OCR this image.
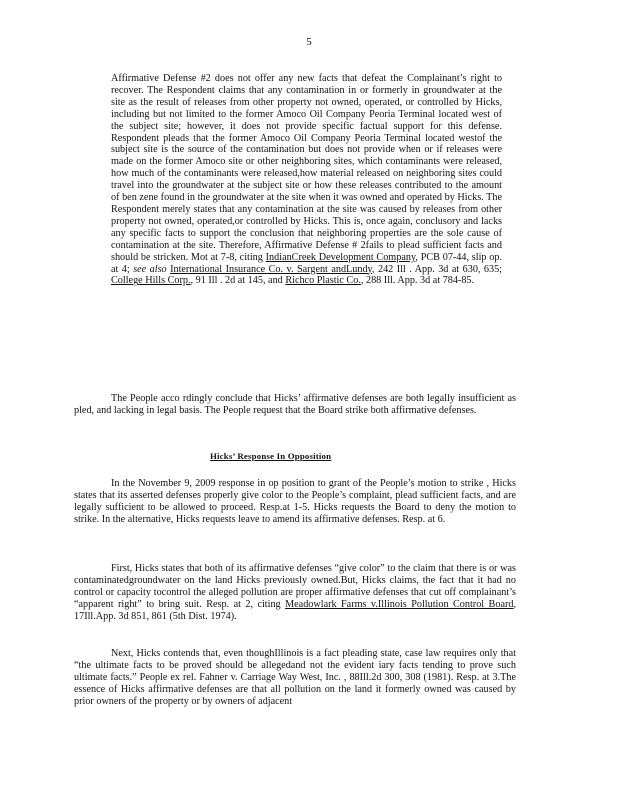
5
Affirmative Defense #2 does not offer any new facts that defeat the Complainant’s right to recover. The Respondent claims that any contamination in or formerly in groundwater at the site as the result of releases from other property not owned, operated, or controlled by Hicks, including but not limited to the former Amoco Oil Company Peoria Terminal located west of the subject site; however, it does not provide specific factual support for this defense. Respondent pleads that the former Amoco Oil Company Peoria Terminal located westof the subject site is the source of the contamination but does not provide when or if releases were made on the former Amoco site or other neighboring sites, which contaminants were released, how much of the contaminants were released,how material released on neighboring sites could travel into the groundwater at the subject site or how these releases contributed to the amount of ben zene found in the groundwater at the site when it was owned and operated by Hicks. The Respondent merely states that any contamination at the site was caused by releases from other property not owned, operated,or controlled by Hicks. This is, once again, conclusory and lacks any specific facts to support the conclusion that neighboring properties are the sole cause of contamination at the site. Therefore, Affirmative Defense # 2fails to plead sufficient facts and should be stricken. Mot at 7-8, citing IndianCreek Development Company, PCB 07-44, slip op. at 4; see also International Insurance Co. v. Sargent andLundy, 242 Ill . App. 3d at 630, 635; College Hills Corp., 91 Ill . 2d at 145, and Richco Plastic Co., 288 Ill. App. 3d at 784-85.
The People acco rdingly conclude that Hicks’ affirmative defenses are both legally insufficient as pled, and lacking in legal basis. The People request that the Board strike both affirmative defenses.
Hicks’ Response In Opposition
In the November 9, 2009 response in op position to grant of the People’s motion to strike , Hicks states that its asserted defenses properly give color to the People’s complaint, plead sufficient facts, and are legally sufficient to be allowed to proceed. Resp.at 1-5. Hicks requests the Board to deny the motion to strike. In the alternative, Hicks requests leave to amend its affirmative defenses. Resp. at 6.
First, Hicks states that both of its affirmative defenses “give color” to the claim that there is or was contaminatedgroundwater on the land Hicks previously owned.But, Hicks claims, the fact that it had no control or capacity tocontrol the alleged pollution are proper affirmative defenses that cut off complainant’s “apparent right” to bring suit. Resp. at 2, citing Meadowlark Farms v.Illinois Pollution Control Board, 17Ill.App. 3d 851, 861 (5th Dist. 1974).
Next, Hicks contends that, even thoughIllinois is a fact pleading state, case law requires only that “the ultimate facts to be proved should be allegedand not the evident iary facts tending to prove such ultimate facts.” People ex rel. Fahner v. Carriage Way West, Inc. , 88Ill.2d 300, 308 (1981). Resp. at 3.The essence of Hicks affirmative defenses are that all pollution on the land it formerly owned was caused by prior owners of the property or by owners of adjacent
